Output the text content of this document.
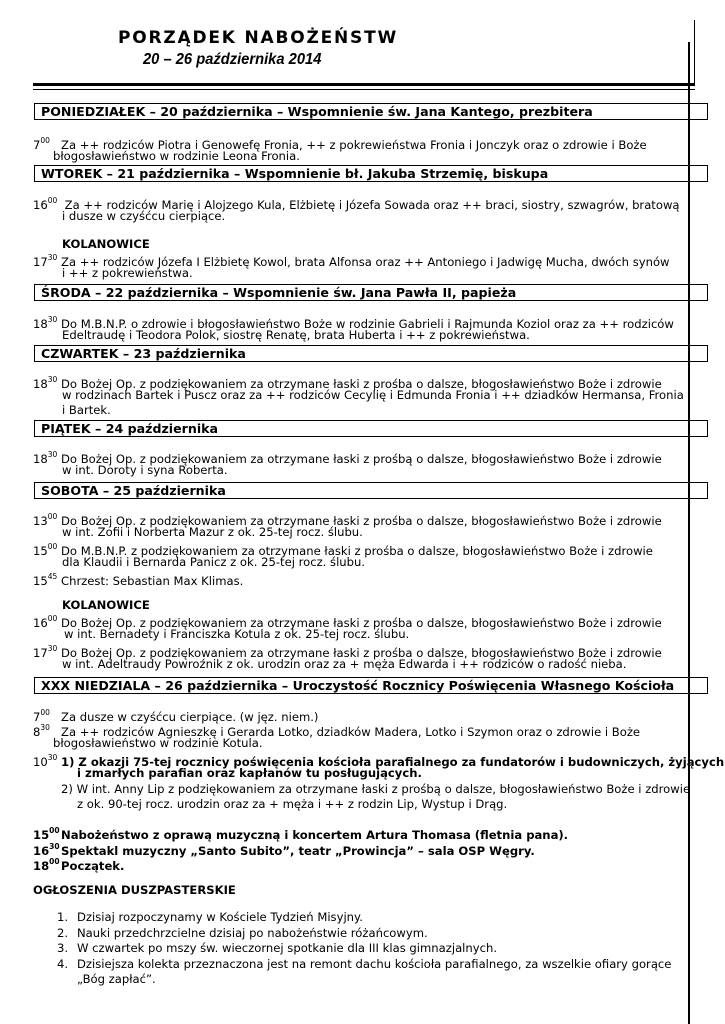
PORZĄDEK NABOŻEŃSTW
20 – 26 października 2014
PONIEDZIAŁEK – 20 października – Wspomnienie św. Jana Kantego, prezbitera
$7^{00}$ Za ++ rodziców Piotra i Genowefę Fronia, ++ z pokrewieństwa Fronia i Jonczyk oraz o zdrowie i Boże
błogosławieństwo w rodzinie Leona Fronia.
WTOREK – 21 października – Wspomnienie bł. Jakuba Strzemię, biskupa
$16^{00}$ Za ++ rodziców Marię i Alojzego Kula, Elżbietę i Józefa Sowada oraz ++ braci, siostry, szwagrów, bratową
i dusze w czyśćcu cierpiące.
KOLANOWICE
$17^{30}$ Za ++ rodziców Józefa I Elżbietę Kowol, brata Alfonsa oraz ++ Antoniego i Jadwigę Mucha, dwóch synów
i ++ z pokrewieństwa.
ŚRODA – 22 października – Wspomnienie św. Jana Pawła II, papieża
$18^{30}$ Do M.B.N.P. o zdrowie i błogosławieństwo Boże w rodzinie Gabrieli i Rajmunda Koziol oraz za ++ rodziców
Edeltraudę i Teodora Polok, siostrę Renatę, brata Huberta i ++ z pokrewieństwa.
CZWARTEK – 23 października
$18^{30}$ Do Bożej Op. z podziękowaniem za otrzymane łaski z prośba o dalsze, błogosławieństwo Boże i zdrowie
w rodzinach Bartek i Puscz oraz za ++ rodziców Cecylię i Edmunda Fronia i ++ dziadków Hermansa, Fronia
i Bartek.
PIĄTEK – 24 października
$18^{30}$ Do Bożej Op. z podziękowaniem za otrzymane łaski z prośbą o dalsze, błogosławieństwo Boże i zdrowie
w int. Doroty i syna Roberta.
SOBOTA – 25 października
$13^{00}$ Do Bożej Op. z podziękowaniem za otrzymane łaski z prośba o dalsze, błogosławieństwo Boże i zdrowie
w int. Zofii i Norberta Mazur z ok. 25-tej rocz. ślubu.
$15^{00}$ Do M.B.N.P. z podziękowaniem za otrzymane łaski z prośba o dalsze, błogosławieństwo Boże i zdrowie
dla Klaudii i Bernarda Panicz z ok. 25-tej rocz. ślubu.
$15^{45}$ Chrzest: Sebastian Max Klimas.
KOLANOWICE
$16^{00}$ Do Bożej Op. z podziękowaniem za otrzymane łaski z prośba o dalsze, błogosławieństwo Boże i zdrowie
w int. Bernadety i Franciszka Kotula z ok. 25-tej rocz. ślubu.
$17^{30}$ Do Bożej Op. z podziękowaniem za otrzymane łaski z prośba o dalsze, błogosławieństwo Boże i zdrowie
w int. Adeltraudy Powroźnik z ok. urodzin oraz za + męża Edwarda i ++ rodziców o radość nieba.
XXX NIEDZIALA – 26 października – Uroczystość Rocznicy Poświęcenia Własnego Kościoła
$7^{00}$ Za dusze w czyśćcu cierpiące. (w jęz. niem.)
$8^{30}$ Za ++ rodziców Agnieszkę i Gerarda Lotko, dziadków Madera, Lotko i Szymon oraz o zdrowie i Boże
błogosławieństwo w rodzinie Kotula.
$10^{30}$ 1) Z okazji 75-tej rocznicy poświęcenia kościoła parafialnego za fundatorów i budowniczych, żyjących
i zmarłych parafian oraz kapłanów tu posługujących.
2) W int. Anny Lip z podziękowaniem za otrzymane łaski z prośbą o dalsze, błogosławieństwo Boże i zdrowie
z ok. 90-tej rocz. urodzin oraz za + męża i ++ z rodzin Lip, Wystup i Drąg.
$15^{00}Nabożeństwo$ z oprawą muzyczną i koncertem Artura Thomasa (fletnia pana).
$16^{30}Spektakl$ muzyczny „Santo Subito”, teatr „Prowincja” – sala OSP Węgry.
$18^{00}Początek$.
OGŁOSZENIA DUSZPASTERSKIE
1. Dzisiaj rozpoczynamy w Kościele Tydzień Misyjny.
2. Nauki przedchrzcielne dzisiaj po nabożeństwie różańcowym.
3. W czwartek po mszy św. wieczornej spotkanie dla III klas gimnazjalnych.
4. Dzisiejsza kolekta przeznaczona jest na remont dachu kościoła parafialnego, za wszelkie ofiary gorące
„Bóg zapłać”.
